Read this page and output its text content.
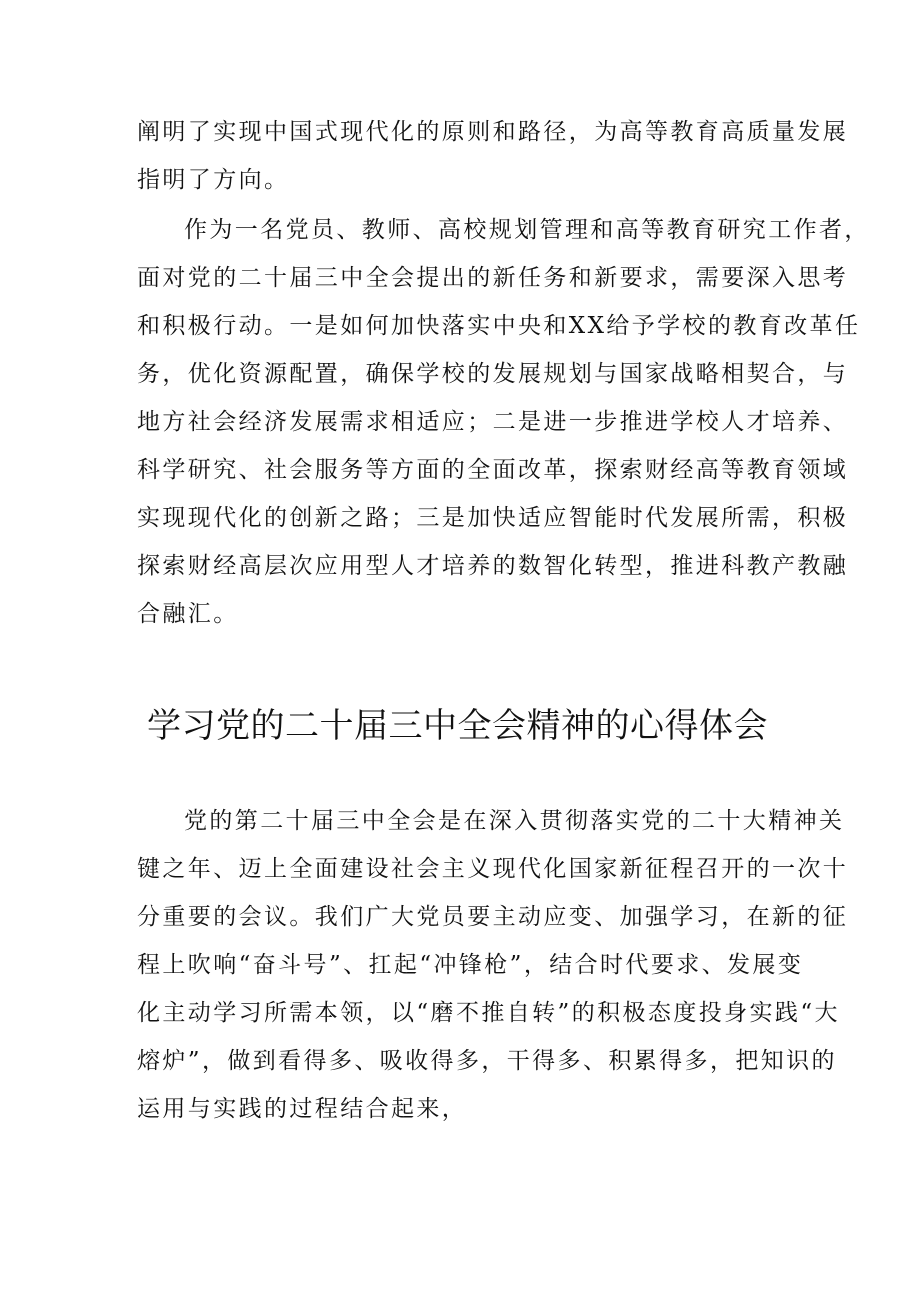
阐明了实现中国式现代化的原则和路径，为高等教育高质量发展
指明了方向。
作为一名党员、教师、高校规划管理和高等教育研究工作者，
面对党的二十届三中全会提出的新任务和新要求，需要深入思考
和积极行动。一是如何加快落实中央和XX给予学校的教育改革任
务，优化资源配置，确保学校的发展规划与国家战略相契合，与
地方社会经济发展需求相适应；二是进一步推进学校人才培养、
科学研究、社会服务等方面的全面改革，探索财经高等教育领域
实现现代化的创新之路；三是加快适应智能时代发展所需，积极
探索财经高层次应用型人才培养的数智化转型，推进科教产教融
合融汇。
学习党的二十届三中全会精神的心得体会
党的第二十届三中全会是在深入贯彻落实党的二十大精神关
键之年、迈上全面建设社会主义现代化国家新征程召开的一次十
分重要的会议。我们广大党员要主动应变、加强学习，在新的征
程上吹响“奋斗号”、扛起“冲锋枪”，结合时代要求、发展变
化主动学习所需本领，以“磨不推自转”的积极态度投身实践“大
熔炉”，做到看得多、吸收得多，干得多、积累得多，把知识的
运用与实践的过程结合起来，
